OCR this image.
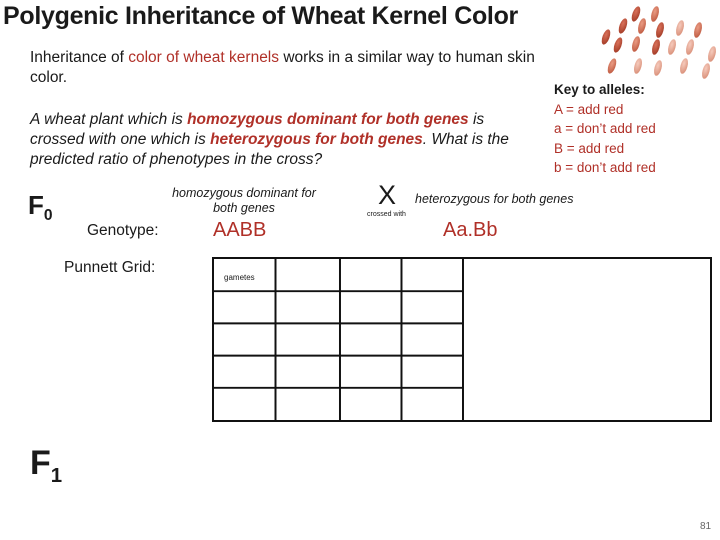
Polygenic Inheritance of Wheat Kernel Color
Inheritance of color of wheat kernels works in a similar way to human skin color.
A wheat plant which is homozygous dominant for both genes is crossed with one which is heterozygous for both genes. What is the predicted ratio of phenotypes in the cross?
Key to alleles:
A = add red
a = don’t add red
B = add red
b = don’t add red
$F_0$
Genotype:
Punnett Grid:
homozygous dominant for both genes
AABB
X
crossed with
heterozygous for both genes
Aa.Bb
gametes
$F_1$
81
